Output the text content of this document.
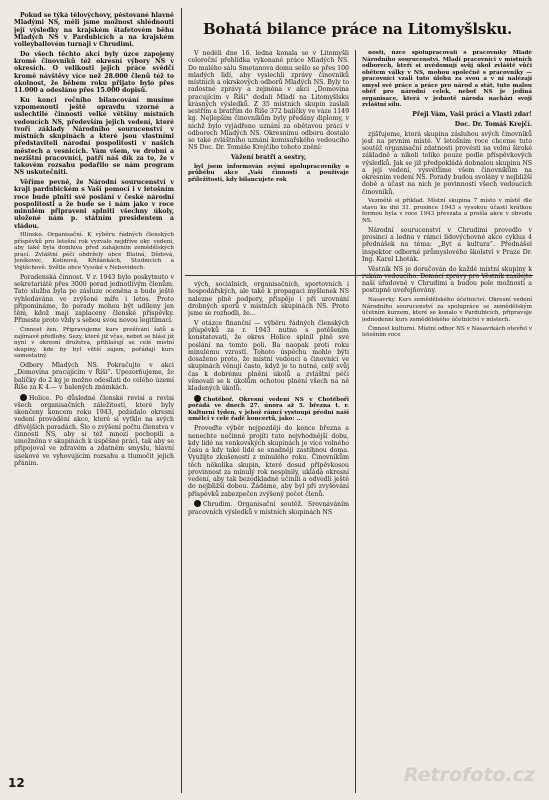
Bohatá bilance práce na Litomyšlsku.

Pokud se týká tělovýchovy, pěstované hlavně Mladými NS, měli jsme možnost shlédnouti její výsledky na krajském štafetovém běhu Mladých NS v Pardubicích a na krajském volleyballovém turnaji v Chrudimi.

Do všech těchto akcí byly úzce zapojeny kromě činovníků též okresní výbory NS v okresích. O velikosti jejich práce svědčí kromě návštěvy více než 28.000 členů též to okolnost, že během roku přijato bylo přes 11.000 a odesláno přes 15.000 dopisů.

Ku konci ročního bilancování musíme vzpomenouti ještě opravdu vzorné a uslechtilé činnosti velké většiny místních vedoucích NS, především jejich vedení, které tvoří základy Národního sourucenství v místních skupinách a které jsou vlastními představiteli národní pospolitosti v našich městech a vesnicích. Vám všem, ve drobní a nezištní pracovníci, patří náš dík za to, že v takovém rozsahu podařilo se nám program NS uskutečniti.

Věříme pevně, že Národní sourucenství v kraji pardubickém s Vaší pomocí i v letošním roce bude plniti své poslání v české národní pospolitosti a že bude se i nám jako v roce minulém připraveni splniti všechny úkoly, uložené nám p. státním presidentem a vládou.

Hlinsko. Organisační. K výběru řádných členských příspěvků pro letošní rok vyzvalo nejdříve okr. vedení, aby také byla domluva před zahájením zemědělských prací. Zvláštní péči obdržely obce Blatná, Dědová, Jeníkovec, Kolínová, Křižánkách, Studnicích a Vojtěchově. Světle obce Vysoké v Nebovidech.

Poradenská činnost. V r. 1943 bylo poskytnuto v sekretariátě přes 3000 porad jednotlivým členům. Tato služba byla po zásluze oceněna a bude ještě vyhledávána ve zvýšené míře i letos. Proto připomínáme, že porady mohou být udíleny jen těm, kdož mají zaplaceny členské příspěvky. Přineste proto vždy s sebou svou novou legitimaci.

Činnost žen. Připravujeme kurs prošívání šatů a zajímavé předlohy. Sezy, které již včas, nebot se hlásí již nyní v okresní družstva, přihlašují se celé místní skupiny, kde by byl větší zájem, pořádají kurs samostatný.

Odbory Mladých NS. Pokračujte v akci „Domovina pracujícím v Říši“. Upozorňujeme, že balíčky do 2 kg je možno odesílati do celého území Říše za K 4.— v balených známkách.

Holice. Po důsledné členské revisi a revisi všech organisačních záležitostí, které byly skončeny koncem roku 1943, požádalo okresní vedení provádění akce, které si vytklo na svých dřívějších poradách. Šlo o zvýšení počtu členstva v činnosti NS, aby si též mnozí pochopili a umožněna v skupinách k úspěšné práci, tak aby se připojoval ve zdravém a zdatném smyslu, hlavní úsekové ve vyhovujícím rozsahu a tlumočit jejich přáním.

V neděli dne 16. ledna konala se v Litomyšli celoroční přehlídka vykonané práce Mladých NS. Do malého sálu Smetanova domu sešlo se přes 100 mladých lidí, aby vyslechli zprávy činovníků místních a okrskových odborů Mladých NS. Byly to radostné zprávy a zejména v akci „Domovina pracujícím v Říši“ dodali Mladí na Litomyšlsku krásných výsledků. Z 35 místních skupin zaslali sestřím a bratřím do Říše 372 balíčky ve váze 1149 kg. Nejlepším činovníkům byly předány diplomy, v nichž bylo vyjádřeno uznání za obětavou práci v odborech Mladých NS. Okresnímu odboru dostalo se také zvláštního uznání komisařského vedoucího NS Doc. Dr. Tomáše Krejčího tohoto znění:

Vážení bratři a sestry,

byl jsem informován svými spolupracovníky o průběhu akce „Vaší činnosti a používaje příležitosti, kdy bilancujete rok

nosti, úzce spolupracovali s pracovníky Mladé Národního sourucenství. Mladí pracovníci v místních odborech, kteří si uvědomují svůj úkol zvláště vůči obětem války v NS, mohou společně s pracovníky — pracovníci vzali tuto úlohu za svou a v ní nalézají smysl své práce a práce pro národ a stát, tuto malou oběť pro národní celek, neboť NS je jediná organisace, která v jednotě národa nachází svoji zvláštní sílu.

Přeji Vám, Vaši práci a Vlasti zdar!

Doc. Dr. Tomáš Krejčí.

zjišťujeme, která skupina zásluhou svých činovníků jest na prvním místě. V letošním roce chceme tuto soutěž organisační zdatnosti provésti na velmi široké základně a nikoli toliko pouze podle příspěvkových výsledků. Jak se již předpokládá dobnalou skupinu NS a její vedení, vysvětlíme všem činovníkům na okresním vedení NS. Porady budou svolány v nejbližší době a účast na nich je povinností všech vedoucích činovníků.

Vezmětě si příklad. Místní skupina 7 místo v místě dle stavu ke dni 31. prosince 1943 s vysokou účastí krátkou formou byla v roce 1943 převzata a prošlá akce v obvodu NS.

Národní sourucenství v Chrudimi provedlo v prosinci a lednu v rámci lidovýchovné akce cyklus 4 přednášek na téma: „Byt a kultura“. Přednášel inspektor odborné průmyslového školství v Praze Dr. Ing. Karel Lhoták.

Věstník NS je doručován do každé místní skupiny k rukám vedoucího. Domácí zprávy pro Věstník zasílejte naší úřadovně v Chrudimi a budou pole možnosti a postupně uveřejňovány.

Nasavrky. Kurs zemědělského účetnictví. Okresní vedení Národního sourucenství za spolupráce se zemědělským účetním kurzem, které se konalo v Pardubicích, připravuje jednodenní kurs zemědělského účetnictví v místech.

Činnost kulturní. Místní odbor NS v Nasavrkách otevřel v letošním roce

vých, sociálních, organisačních, sportovních i hospodářských, ale také k propagaci myšlenek NS nalezne plně podpory, přispěje i při urovnání drobných sporů v místních skupinách NS. Proto jsme se rozhodli, že...

V otázce finanční — výběru řádných členských příspěvků za r. 1943 nutno s potěšením konstatovati, že okres Holice splnil plně své poslání na tomto poli. Ba naopak proti roku minulému vzrostl. Tohoto úspěchu mohlo býti dosaženo proto, že místní vedoucí a činovníci ve skupinách věnují často, když je to nutné, celý svůj čas k dobrému plnění úkolů a zvláštní péči věnovali se k úkolům ochotou plnění všech na ně kladených úkolů.

Chotěboř. Okresní vedení NS v Chotěboři pořádá ve dnech 27. února až 5. března t. r. Kulturní týden, v jehož rámci vystoupí přední naši umělci v celé řadě koncertů, jako: ...

Proveďte výběr nejpozději do konce března a nenechte nečinně projíti tuto nejvhodnější dobu, kdy lidé na venkovských skupinách je více volného času a kdy také lidé se snadněji zastihnou doma. Využijte zkušeností z minulého roku. Činovníkům těch několika skupin, které dosud přípěvkosou provinnost za minulý rok nesplnily, ukládá okresní vedení, aby tak bezodkladně učinili a odvedli ještě do nejbližší dobou. Žádáme, aby byl při zvyšování příspěvků zabezpečen zvýšený počet členů.

Chrudim. Organisační soutěž. Srovnáváním pracovních výsledků v místních skupinách NS

12	Retrofoto.cz
